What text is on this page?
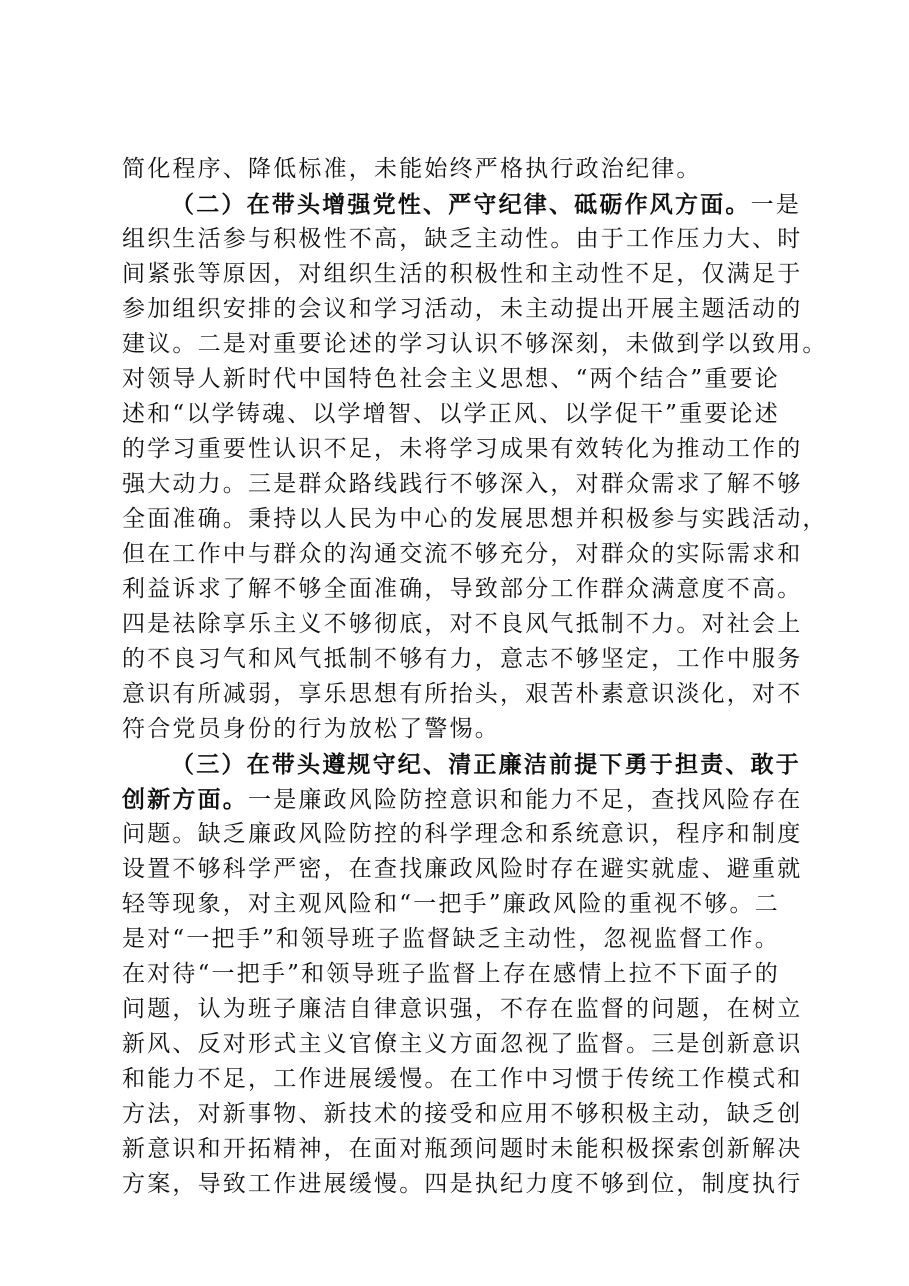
简化程序、降低标准，未能始终严格执行政治纪律。
（二）在带头增强党性、严守纪律、砥砺作风方面。一是
组织生活参与积极性不高，缺乏主动性。由于工作压力大、时
间紧张等原因，对组织生活的积极性和主动性不足，仅满足于
参加组织安排的会议和学习活动，未主动提出开展主题活动的
建议。二是对重要论述的学习认识不够深刻，未做到学以致用。
对领导人新时代中国特色社会主义思想、“两个结合”重要论
述和“以学铸魂、以学增智、以学正风、以学促干”重要论述
的学习重要性认识不足，未将学习成果有效转化为推动工作的
强大动力。三是群众路线践行不够深入，对群众需求了解不够
全面准确。秉持以人民为中心的发展思想并积极参与实践活动，
但在工作中与群众的沟通交流不够充分，对群众的实际需求和
利益诉求了解不够全面准确，导致部分工作群众满意度不高。
四是祛除享乐主义不够彻底，对不良风气抵制不力。对社会上
的不良习气和风气抵制不够有力，意志不够坚定，工作中服务
意识有所减弱，享乐思想有所抬头，艰苦朴素意识淡化，对不
符合党员身份的行为放松了警惕。
（三）在带头遵规守纪、清正廉洁前提下勇于担责、敢于
创新方面。一是廉政风险防控意识和能力不足，查找风险存在
问题。缺乏廉政风险防控的科学理念和系统意识，程序和制度
设置不够科学严密，在查找廉政风险时存在避实就虚、避重就
轻等现象，对主观风险和“一把手”廉政风险的重视不够。二
是对“一把手”和领导班子监督缺乏主动性，忽视监督工作。
在对待“一把手”和领导班子监督上存在感情上拉不下面子的
问题，认为班子廉洁自律意识强，不存在监督的问题，在树立
新风、反对形式主义官僚主义方面忽视了监督。三是创新意识
和能力不足，工作进展缓慢。在工作中习惯于传统工作模式和
方法，对新事物、新技术的接受和应用不够积极主动，缺乏创
新意识和开拓精神，在面对瓶颈问题时未能积极探索创新解决
方案，导致工作进展缓慢。四是执纪力度不够到位，制度执行
